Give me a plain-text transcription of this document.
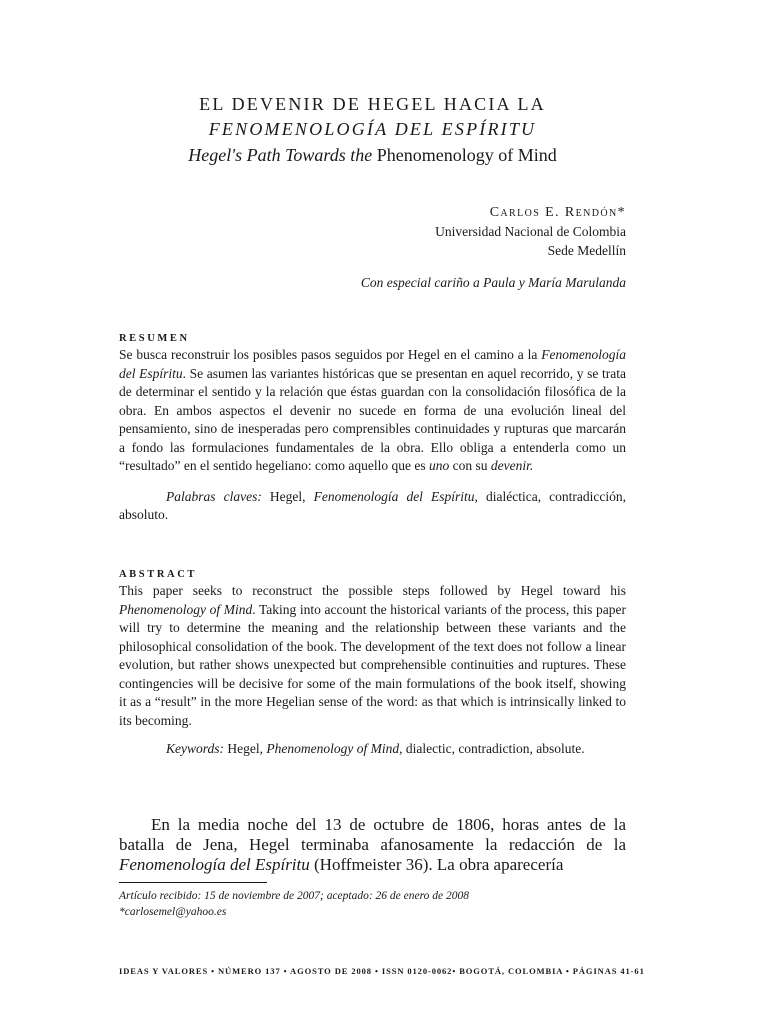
EL DEVENIR DE HEGEL HACIA LA
FENOMENOLOGÍA DEL ESPÍRITU
Hegel's Path Towards the Phenomenology of Mind
Carlos E. Rendón*
Universidad Nacional de Colombia
Sede Medellín
Con especial cariño a Paula y María Marulanda
RESUMEN

Se busca reconstruir los posibles pasos seguidos por Hegel en el camino a la Fenomenología del Espíritu. Se asumen las variantes históricas que se presentan en aquel recorrido, y se trata de determinar el sentido y la relación que éstas guardan con la consolidación filosófica de la obra. En ambos aspectos el devenir no sucede en forma de una evolución lineal del pensamiento, sino de inesperadas pero comprensibles continuidades y rupturas que marcarán a fondo las formulaciones fundamentales de la obra. Ello obliga a entenderla como un “resultado” en el sentido hegeliano: como aquello que es uno con su devenir.

Palabras claves: Hegel, Fenomenología del Espíritu, dialéctica, contradicción, absoluto.

ABSTRACT

This paper seeks to reconstruct the possible steps followed by Hegel toward his Phenomenology of Mind. Taking into account the historical variants of the process, this paper will try to determine the meaning and the relationship between these variants and the philosophical consolidation of the book. The development of the text does not follow a linear evolution, but rather shows unexpected but comprehensible continuities and ruptures. These contingencies will be decisive for some of the main formulations of the book itself, showing it as a “result” in the more Hegelian sense of the word: as that which is intrinsically linked to its becoming.

Keywords: Hegel, Phenomenology of Mind, dialectic, contradiction, absolute.

En la media noche del 13 de octubre de 1806, horas antes de la batalla de Jena, Hegel terminaba afanosamente la redacción de la Fenomenología del Espíritu (Hoffmeister 36). La obra aparecería

Artículo recibido: 15 de noviembre de 2007; aceptado: 26 de enero de 2008
*carlosemel@yahoo.es
IDEAS Y VALORES • NÚMERO 137 • AGOSTO DE 2008 • ISSN 0120-0062• BOGOTÁ, COLOMBIA • PÁGINAS 41-61
